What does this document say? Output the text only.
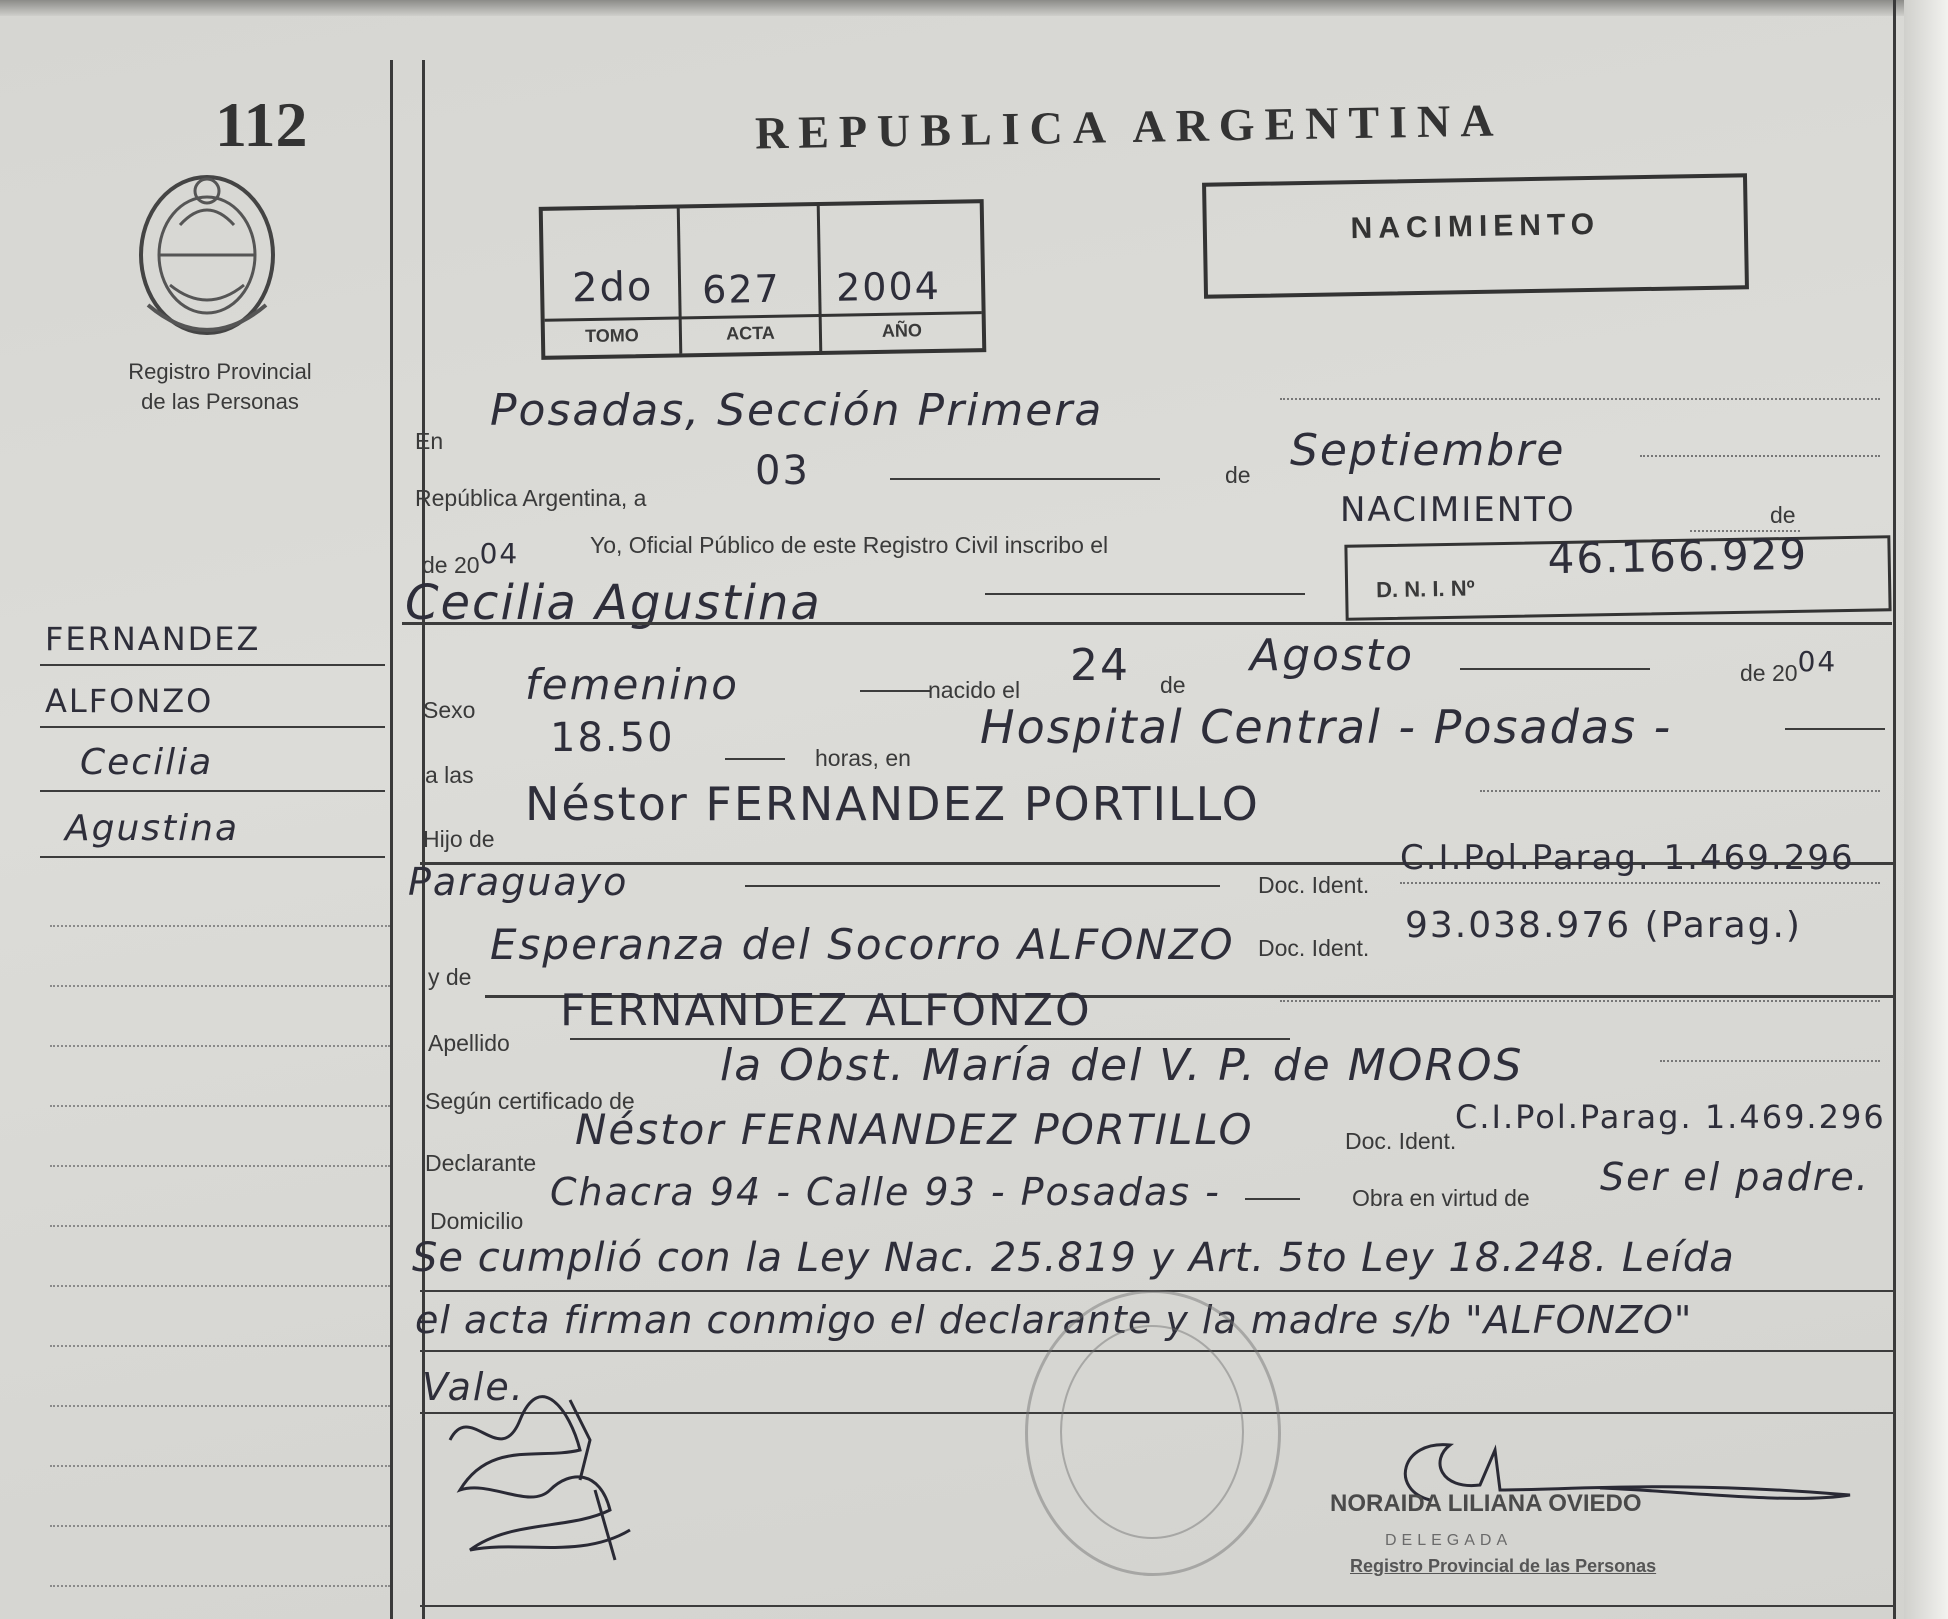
112
Registro Provincial
de las Personas
FERNANDEZ
ALFONZO
Cecilia
Agustina
REPUBLICA ARGENTINA
NACIMIENTO
2do 627 2004
TOMO	ACTA	AÑO
En
Posadas, Sección Primera
República Argentina, a
03	de Septiembre
de 2004	Yo, Oficial Público de este Registro Civil inscribo el
NACIMIENTO	de
Cecilia Agustina	D. N. I. Nº
46.166.929
Sexo
femenino	nacido el 24 de
Agosto	de 2004
a las
18.50	horas, en
Hospital Central - Posadas -
Hijo de
Néstor FERNANDEZ PORTILLO
Paraguayo	Doc. Ident.
C.I.Pol.Parag. 1.469.296
y de
Esperanza del Socorro ALFONZO Doc. Ident.
93.038.976 (Parag.)
Apellido
FERNANDEZ ALFONZO
Según certificado de
la Obst. María del V. P. de MOROS
Declarante
Néstor FERNANDEZ PORTILLO	Doc. Ident.
C.I.Pol.Parag. 1.469.296
Domicilio
Chacra 94 - Calle 93 - Posadas -	Obra en virtud de Ser el padre.
Se cumplió con la Ley Nac. 25.819 y Art. 5to Ley 18.248. Leída
el acta firman conmigo el declarante y la madre s/b "ALFONZO"
Vale.
NORAIDA LILIANA OVIEDO
DELEGADA
Registro Provincial de las Personas
